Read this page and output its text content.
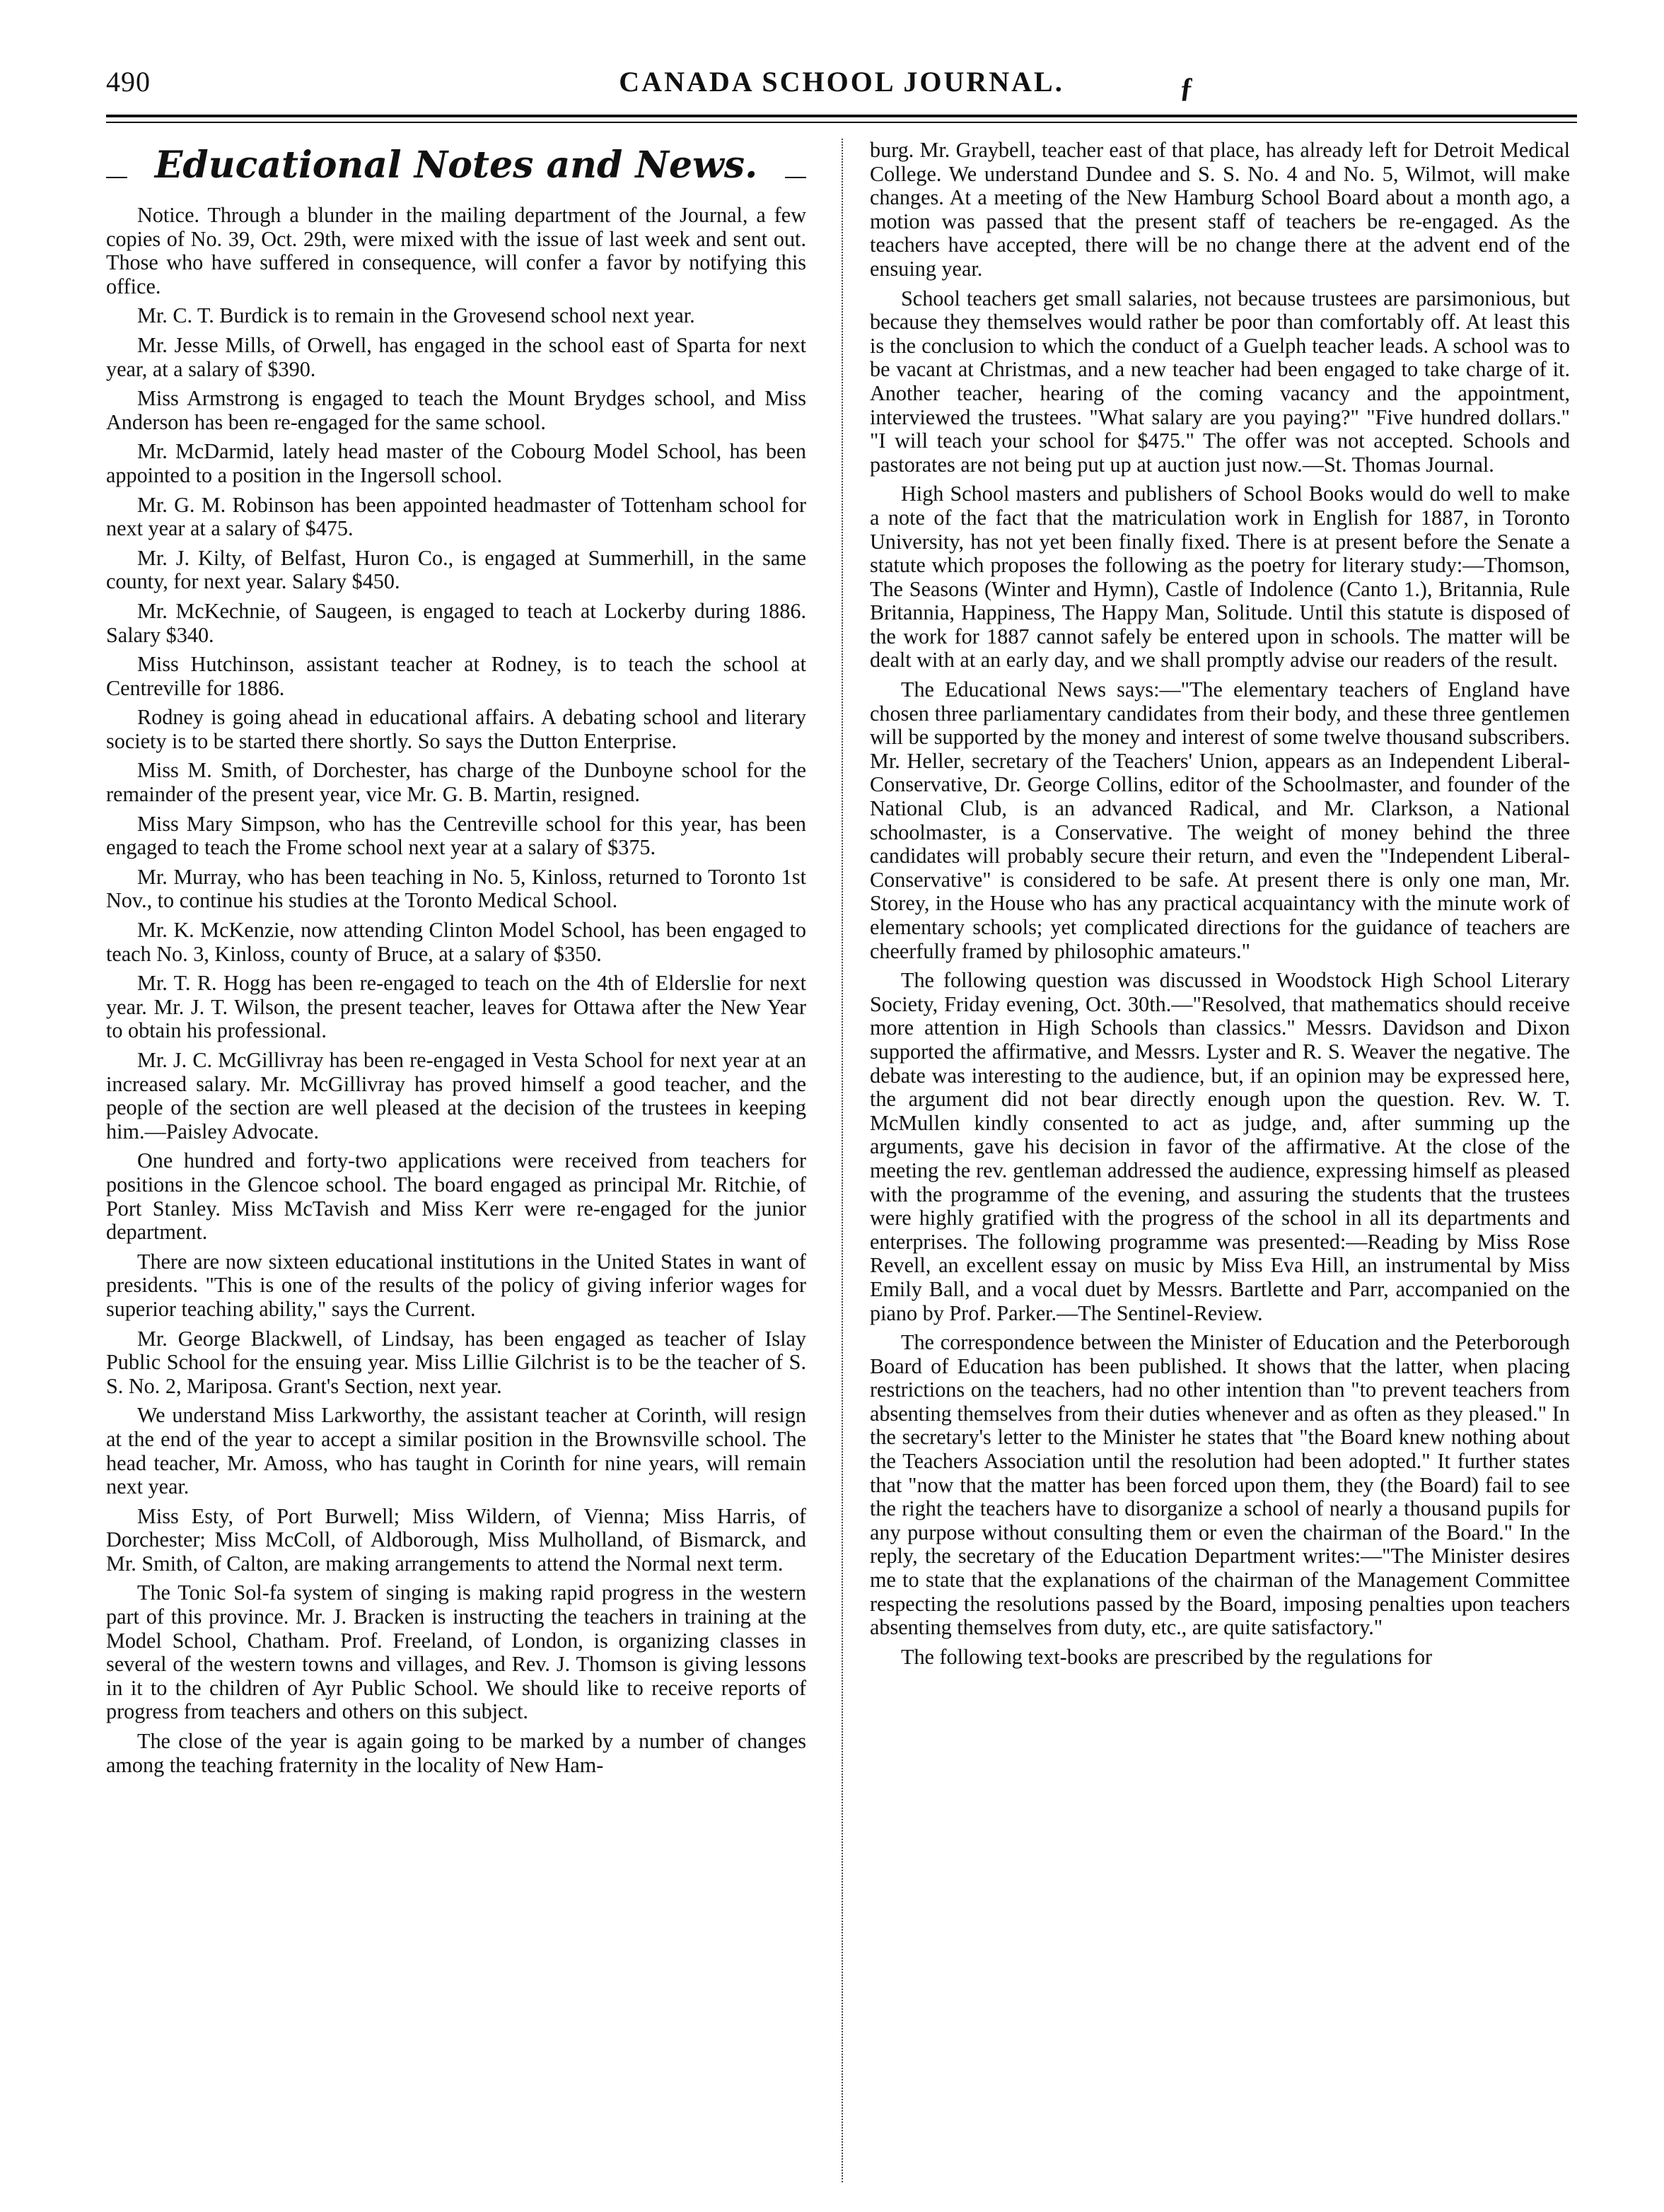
490	CANADA SCHOOL JOURNAL.	ƒ
Educational Notes and News.

Notice. Through a blunder in the mailing department of the Journal, a few copies of No. 39, Oct. 29th, were mixed with the issue of last week and sent out. Those who have suffered in consequence, will confer a favor by notifying this office.

Mr. C. T. Burdick is to remain in the Grovesend school next year.

Mr. Jesse Mills, of Orwell, has engaged in the school east of Sparta for next year, at a salary of $390.

Miss Armstrong is engaged to teach the Mount Brydges school, and Miss Anderson has been re-engaged for the same school.

Mr. McDarmid, lately head master of the Cobourg Model School, has been appointed to a position in the Ingersoll school.

Mr. G. M. Robinson has been appointed headmaster of Tottenham school for next year at a salary of $475.

Mr. J. Kilty, of Belfast, Huron Co., is engaged at Summerhill, in the same county, for next year. Salary $450.

Mr. McKechnie, of Saugeen, is engaged to teach at Lockerby during 1886. Salary $340.

Miss Hutchinson, assistant teacher at Rodney, is to teach the school at Centreville for 1886.

Rodney is going ahead in educational affairs. A debating school and literary society is to be started there shortly. So says the Dutton Enterprise.

Miss M. Smith, of Dorchester, has charge of the Dunboyne school for the remainder of the present year, vice Mr. G. B. Martin, resigned.

Miss Mary Simpson, who has the Centreville school for this year, has been engaged to teach the Frome school next year at a salary of $375.

Mr. Murray, who has been teaching in No. 5, Kinloss, returned to Toronto 1st Nov., to continue his studies at the Toronto Medical School.

Mr. K. McKenzie, now attending Clinton Model School, has been engaged to teach No. 3, Kinloss, county of Bruce, at a salary of $350.

Mr. T. R. Hogg has been re-engaged to teach on the 4th of Elderslie for next year. Mr. J. T. Wilson, the present teacher, leaves for Ottawa after the New Year to obtain his professional.

Mr. J. C. McGillivray has been re-engaged in Vesta School for next year at an increased salary. Mr. McGillivray has proved himself a good teacher, and the people of the section are well pleased at the decision of the trustees in keeping him.—Paisley Advocate.

One hundred and forty-two applications were received from teachers for positions in the Glencoe school. The board engaged as principal Mr. Ritchie, of Port Stanley. Miss McTavish and Miss Kerr were re-engaged for the junior department.

There are now sixteen educational institutions in the United States in want of presidents. "This is one of the results of the policy of giving inferior wages for superior teaching ability," says the Current.

Mr. George Blackwell, of Lindsay, has been engaged as teacher of Islay Public School for the ensuing year. Miss Lillie Gilchrist is to be the teacher of S. S. No. 2, Mariposa. Grant's Section, next year.

We understand Miss Larkworthy, the assistant teacher at Corinth, will resign at the end of the year to accept a similar position in the Brownsville school. The head teacher, Mr. Amoss, who has taught in Corinth for nine years, will remain next year.

Miss Esty, of Port Burwell; Miss Wildern, of Vienna; Miss Harris, of Dorchester; Miss McColl, of Aldborough, Miss Mulholland, of Bismarck, and Mr. Smith, of Calton, are making arrangements to attend the Normal next term.

The Tonic Sol-fa system of singing is making rapid progress in the western part of this province. Mr. J. Bracken is instructing the teachers in training at the Model School, Chatham. Prof. Freeland, of London, is organizing classes in several of the western towns and villages, and Rev. J. Thomson is giving lessons in it to the children of Ayr Public School. We should like to receive reports of progress from teachers and others on this subject.

The close of the year is again going to be marked by a number of changes among the teaching fraternity in the locality of New Ham-

burg. Mr. Graybell, teacher east of that place, has already left for Detroit Medical College. We understand Dundee and S. S. No. 4 and No. 5, Wilmot, will make changes. At a meeting of the New Hamburg School Board about a month ago, a motion was passed that the present staff of teachers be re-engaged. As the teachers have accepted, there will be no change there at the advent end of the ensuing year.

School teachers get small salaries, not because trustees are parsimonious, but because they themselves would rather be poor than comfortably off. At least this is the conclusion to which the conduct of a Guelph teacher leads. A school was to be vacant at Christmas, and a new teacher had been engaged to take charge of it. Another teacher, hearing of the coming vacancy and the appointment, interviewed the trustees. "What salary are you paying?" "Five hundred dollars." "I will teach your school for $475." The offer was not accepted. Schools and pastorates are not being put up at auction just now.—St. Thomas Journal.

High School masters and publishers of School Books would do well to make a note of the fact that the matriculation work in English for 1887, in Toronto University, has not yet been finally fixed. There is at present before the Senate a statute which proposes the following as the poetry for literary study:—Thomson, The Seasons (Winter and Hymn), Castle of Indolence (Canto 1.), Britannia, Rule Britannia, Happiness, The Happy Man, Solitude. Until this statute is disposed of the work for 1887 cannot safely be entered upon in schools. The matter will be dealt with at an early day, and we shall promptly advise our readers of the result.

The Educational News says:—"The elementary teachers of England have chosen three parliamentary candidates from their body, and these three gentlemen will be supported by the money and interest of some twelve thousand subscribers. Mr. Heller, secretary of the Teachers' Union, appears as an Independent Liberal-Conservative, Dr. George Collins, editor of the Schoolmaster, and founder of the National Club, is an advanced Radical, and Mr. Clarkson, a National schoolmaster, is a Conservative. The weight of money behind the three candidates will probably secure their return, and even the "Independent Liberal-Conservative" is considered to be safe. At present there is only one man, Mr. Storey, in the House who has any practical acquaintancy with the minute work of elementary schools; yet complicated directions for the guidance of teachers are cheerfully framed by philosophic amateurs."

The following question was discussed in Woodstock High School Literary Society, Friday evening, Oct. 30th.—"Resolved, that mathematics should receive more attention in High Schools than classics." Messrs. Davidson and Dixon supported the affirmative, and Messrs. Lyster and R. S. Weaver the negative. The debate was interesting to the audience, but, if an opinion may be expressed here, the argument did not bear directly enough upon the question. Rev. W. T. McMullen kindly consented to act as judge, and, after summing up the arguments, gave his decision in favor of the affirmative. At the close of the meeting the rev. gentleman addressed the audience, expressing himself as pleased with the programme of the evening, and assuring the students that the trustees were highly gratified with the progress of the school in all its departments and enterprises. The following programme was presented:—Reading by Miss Rose Revell, an excellent essay on music by Miss Eva Hill, an instrumental by Miss Emily Ball, and a vocal duet by Messrs. Bartlette and Parr, accompanied on the piano by Prof. Parker.—The Sentinel-Review.

The correspondence between the Minister of Education and the Peterborough Board of Education has been published. It shows that the latter, when placing restrictions on the teachers, had no other intention than "to prevent teachers from absenting themselves from their duties whenever and as often as they pleased." In the secretary's letter to the Minister he states that "the Board knew nothing about the Teachers Association until the resolution had been adopted." It further states that "now that the matter has been forced upon them, they (the Board) fail to see the right the teachers have to disorganize a school of nearly a thousand pupils for any purpose without consulting them or even the chairman of the Board." In the reply, the secretary of the Education Department writes:—"The Minister desires me to state that the explanations of the chairman of the Management Committee respecting the resolutions passed by the Board, imposing penalties upon teachers absenting themselves from duty, etc., are quite satisfactory."

The following text-books are prescribed by the regulations for
